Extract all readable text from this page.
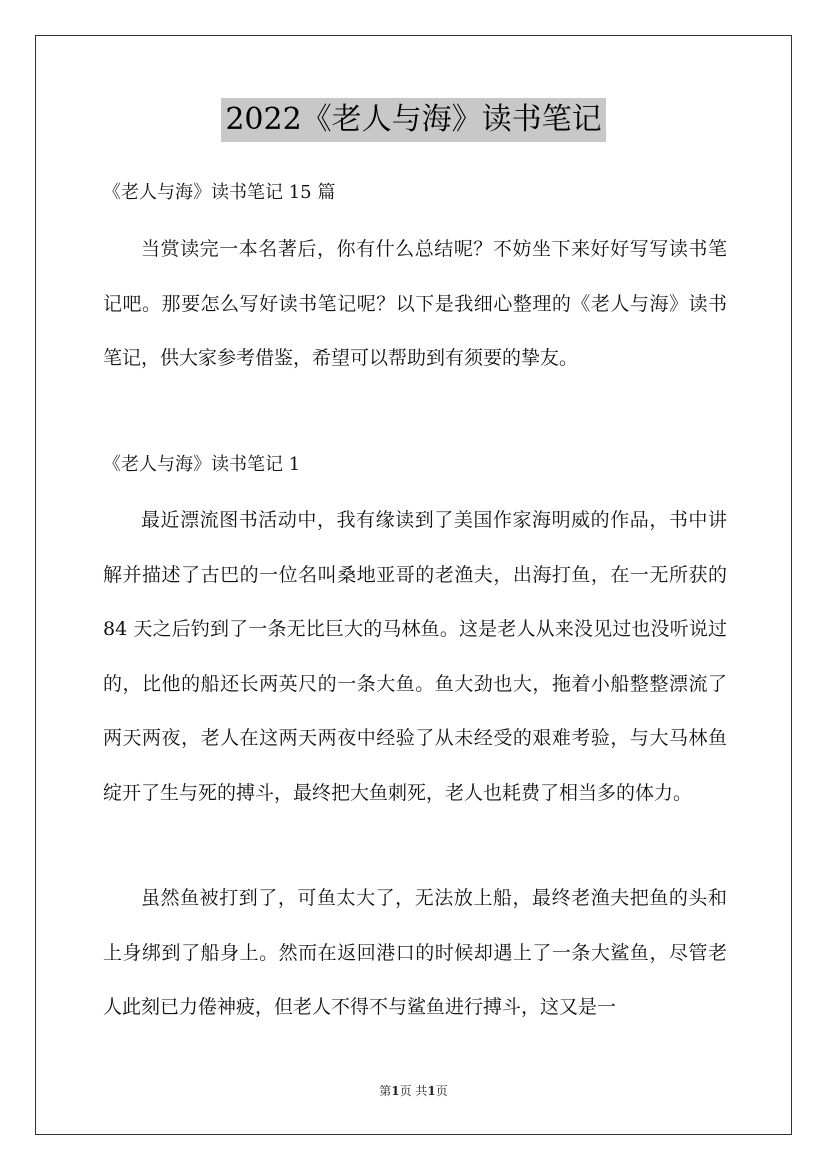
2022《老人与海》读书笔记
《老人与海》读书笔记 15 篇

当赏读完一本名著后，你有什么总结呢？不妨坐下来好好写写读书笔记吧。那要怎么写好读书笔记呢？以下是我细心整理的《老人与海》读书笔记，供大家参考借鉴，希望可以帮助到有须要的挚友。

《老人与海》读书笔记 1

最近漂流图书活动中，我有缘读到了美国作家海明威的作品，书中讲解并描述了古巴的一位名叫桑地亚哥的老渔夫，出海打鱼，在一无所获的 84 天之后钓到了一条无比巨大的马林鱼。这是老人从来没见过也没听说过的，比他的船还长两英尺的一条大鱼。鱼大劲也大，拖着小船整整漂流了两天两夜，老人在这两天两夜中经验了从未经受的艰难考验，与大马林鱼绽开了生与死的搏斗，最终把大鱼刺死，老人也耗费了相当多的体力。

虽然鱼被打到了，可鱼太大了，无法放上船，最终老渔夫把鱼的头和上身绑到了船身上。然而在返回港口的时候却遇上了一条大鲨鱼，尽管老人此刻已力倦神疲，但老人不得不与鲨鱼进行搏斗，这又是一

第1页 共1页
